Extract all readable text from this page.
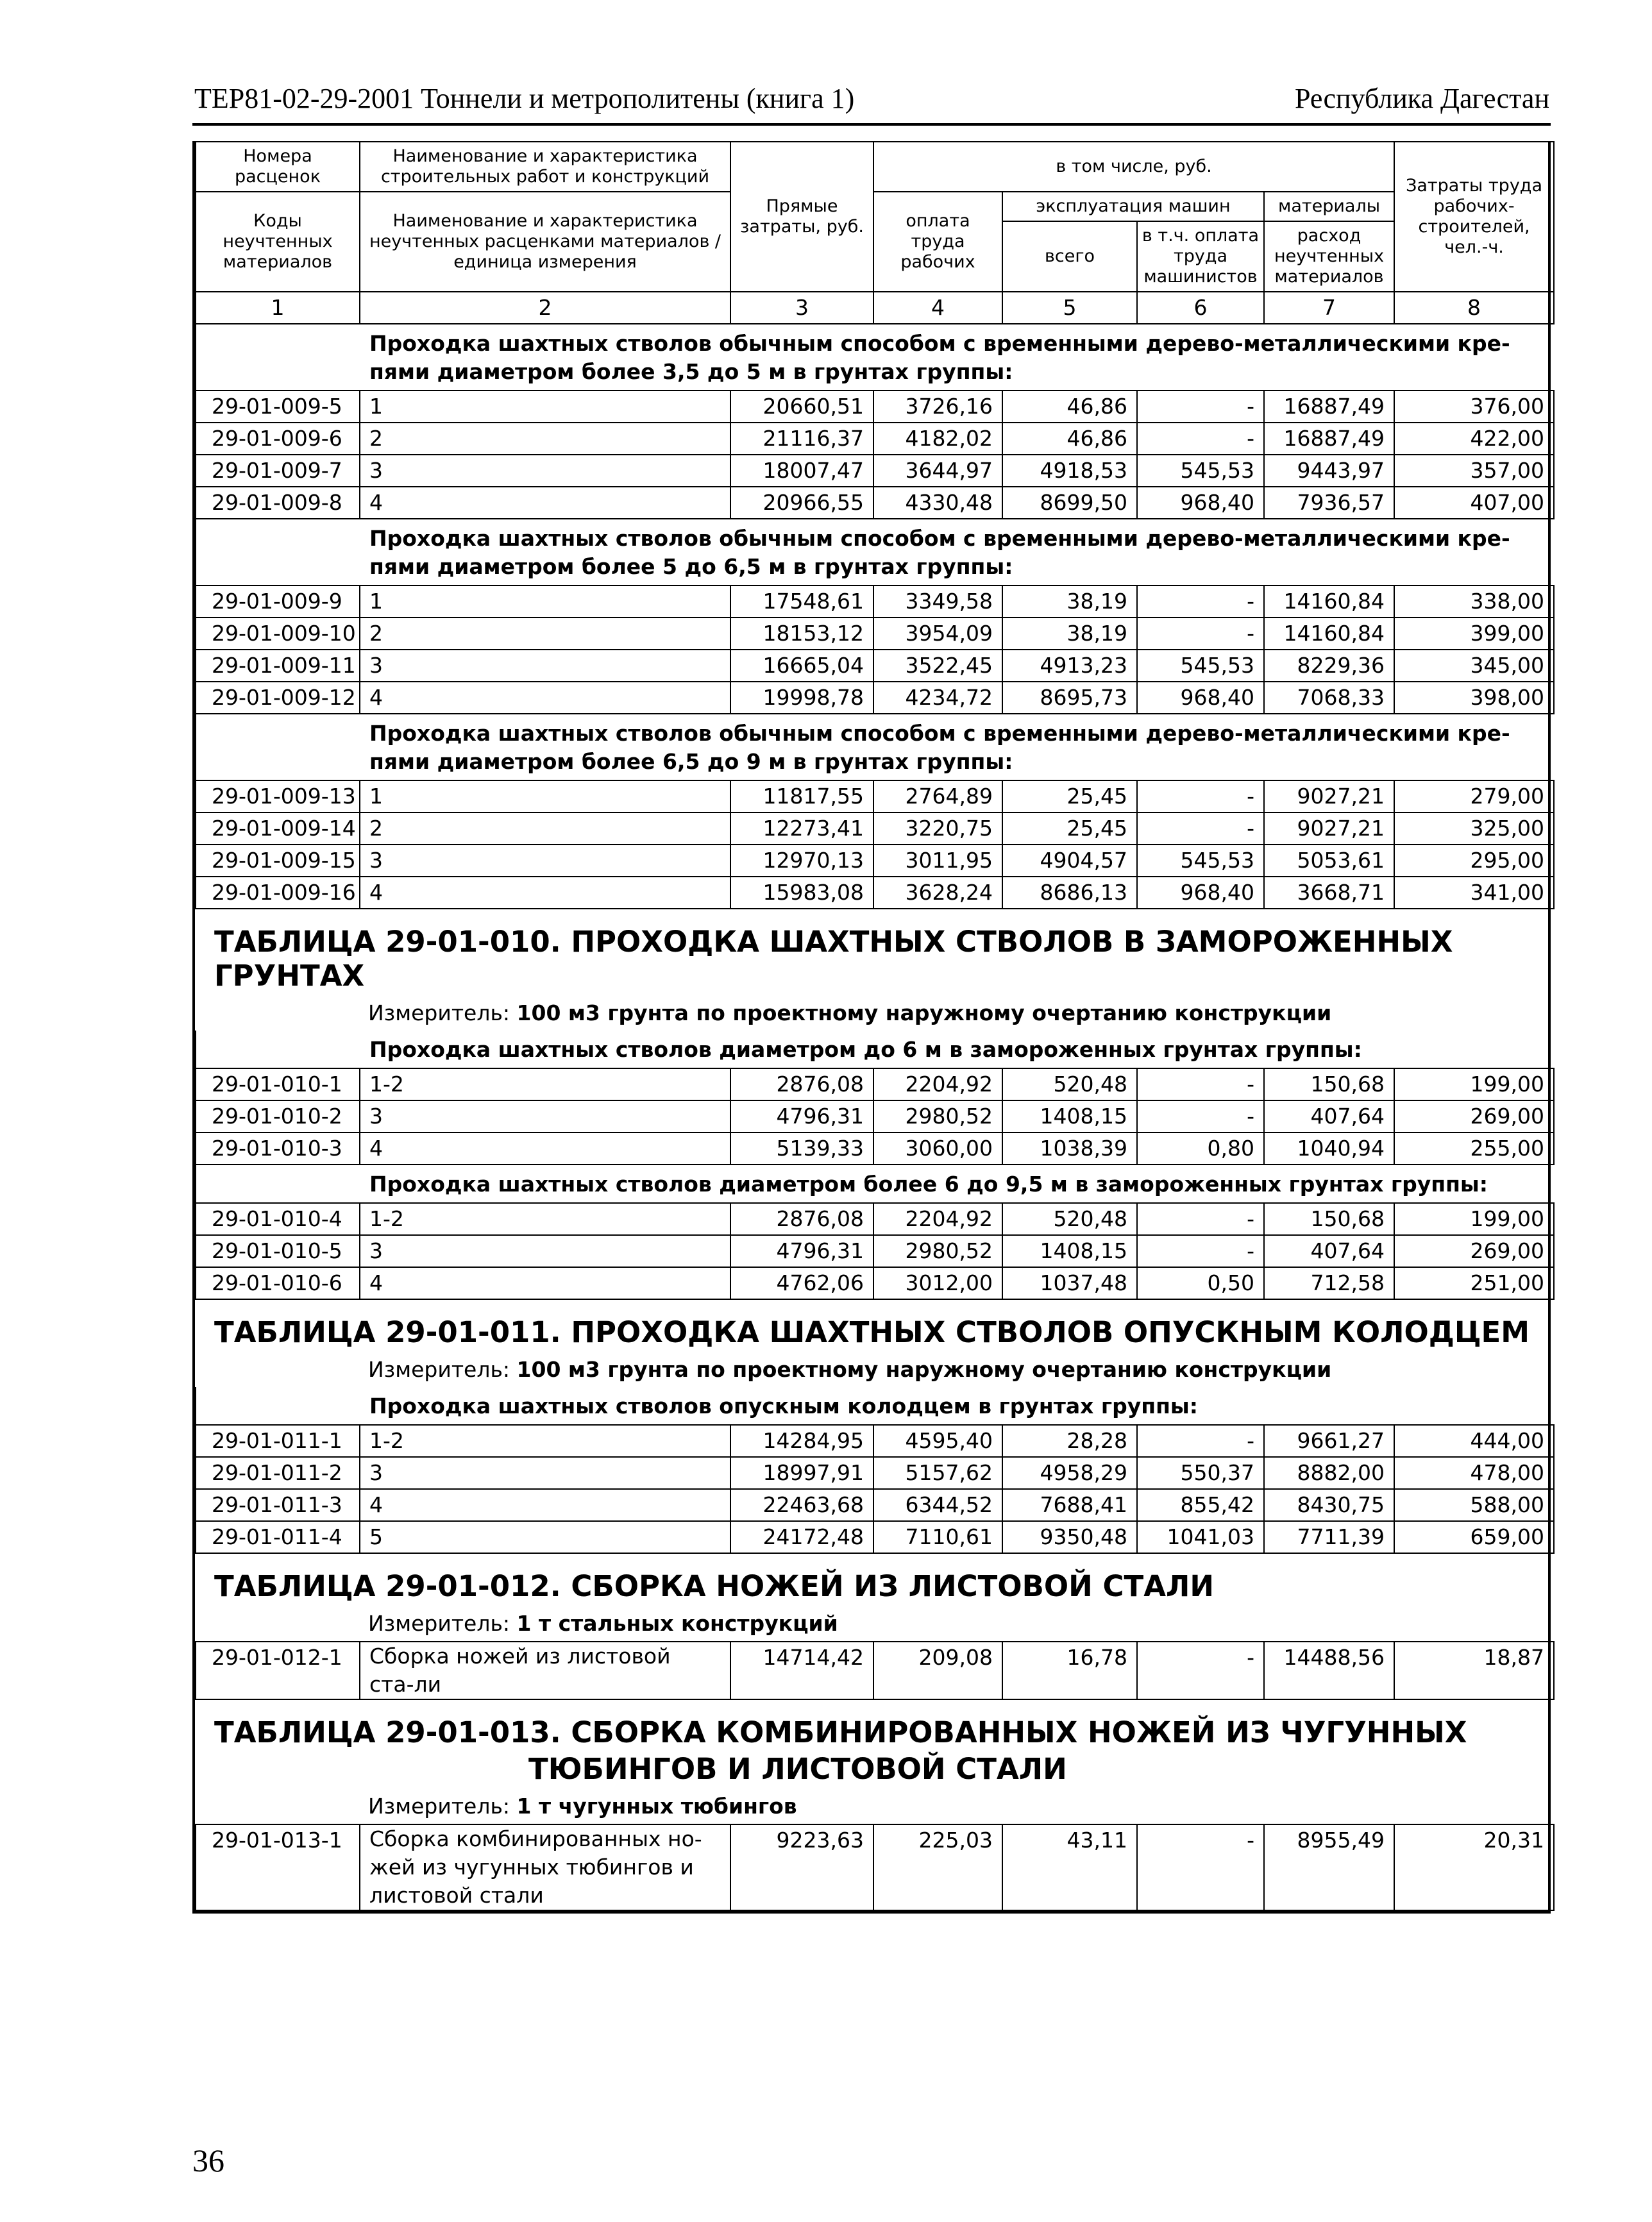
ТЕР81-02-29-2001 Тоннели и метрополитены (книга 1)	Республика Дагестан
Номера расценок	Наименование и характеристика строительных работ и конструкций	Прямые затраты, руб.	в том числе, руб.				Затраты труда рабочих-строителей, чел.-ч.
Коды неучтенных материалов	Наименование и характеристика неучтенных расценками материалов / единица измерения		оплата труда рабочих	эксплуатация машин		материалы	
				всего	в т.ч. оплата труда машинистов	расход неучтенных материалов	
1	2	3	4	5	6	7	8
Проходка шахтных стволов обычным способом с временными дерево-металлическими кре-пями диаметром более 3,5 до 5 м в грунтах группы:
29-01-009-5	1	20660,51	3726,16	46,86	-	16887,49	376,00
29-01-009-6	2	21116,37	4182,02	46,86	-	16887,49	422,00
29-01-009-7	3	18007,47	3644,97	4918,53	545,53	9443,97	357,00
29-01-009-8	4	20966,55	4330,48	8699,50	968,40	7936,57	407,00
Проходка шахтных стволов обычным способом с временными дерево-металлическими кре-пями диаметром более 5 до 6,5 м в грунтах группы:
29-01-009-9	1	17548,61	3349,58	38,19	-	14160,84	338,00
29-01-009-10	2	18153,12	3954,09	38,19	-	14160,84	399,00
29-01-009-11	3	16665,04	3522,45	4913,23	545,53	8229,36	345,00
29-01-009-12	4	19998,78	4234,72	8695,73	968,40	7068,33	398,00
Проходка шахтных стволов обычным способом с временными дерево-металлическими кре-пями диаметром более 6,5 до 9 м в грунтах группы:
29-01-009-13	1	11817,55	2764,89	25,45	-	9027,21	279,00
29-01-009-14	2	12273,41	3220,75	25,45	-	9027,21	325,00
29-01-009-15	3	12970,13	3011,95	4904,57	545,53	5053,61	295,00
29-01-009-16	4	15983,08	3628,24	8686,13	968,40	3668,71	341,00
ТАБЛИЦА 29-01-010. ПРОХОДКА ШАХТНЫХ СТВОЛОВ В ЗАМОРОЖЕННЫХ ГРУНТАХ
Измеритель: 100 м3 грунта по проектному наружному очертанию конструкции
Проходка шахтных стволов диаметром до 6 м в замороженных грунтах группы:
29-01-010-1	1-2	2876,08	2204,92	520,48	-	150,68	199,00
29-01-010-2	3	4796,31	2980,52	1408,15	-	407,64	269,00
29-01-010-3	4	5139,33	3060,00	1038,39	0,80	1040,94	255,00
Проходка шахтных стволов диаметром более 6 до 9,5 м в замороженных грунтах группы:
29-01-010-4	1-2	2876,08	2204,92	520,48	-	150,68	199,00
29-01-010-5	3	4796,31	2980,52	1408,15	-	407,64	269,00
29-01-010-6	4	4762,06	3012,00	1037,48	0,50	712,58	251,00
ТАБЛИЦА 29-01-011. ПРОХОДКА ШАХТНЫХ СТВОЛОВ ОПУСКНЫМ КОЛОДЦЕМ
Измеритель: 100 м3 грунта по проектному наружному очертанию конструкции
Проходка шахтных стволов опускным колодцем в грунтах группы:
29-01-011-1	1-2	14284,95	4595,40	28,28	-	9661,27	444,00
29-01-011-2	3	18997,91	5157,62	4958,29	550,37	8882,00	478,00
29-01-011-3	4	22463,68	6344,52	7688,41	855,42	8430,75	588,00
29-01-011-4	5	24172,48	7110,61	9350,48	1041,03	7711,39	659,00
ТАБЛИЦА 29-01-012. СБОРКА НОЖЕЙ ИЗ ЛИСТОВОЙ СТАЛИ
Измеритель: 1 т стальных конструкций
29-01-012-1	Сборка ножей из листовой ста-ли	14714,42	209,08	16,78	-	14488,56	18,87
ТАБЛИЦА 29-01-013. СБОРКА КОМБИНИРОВАННЫХ НОЖЕЙ ИЗ ЧУГУННЫХ
ТЮБИНГОВ И ЛИСТОВОЙ СТАЛИ
Измеритель: 1 т чугунных тюбингов
29-01-013-1	Сборка комбинированных но-жей из чугунных тюбингов и листовой стали	9223,63	225,03	43,11	-	8955,49	20,31
36
